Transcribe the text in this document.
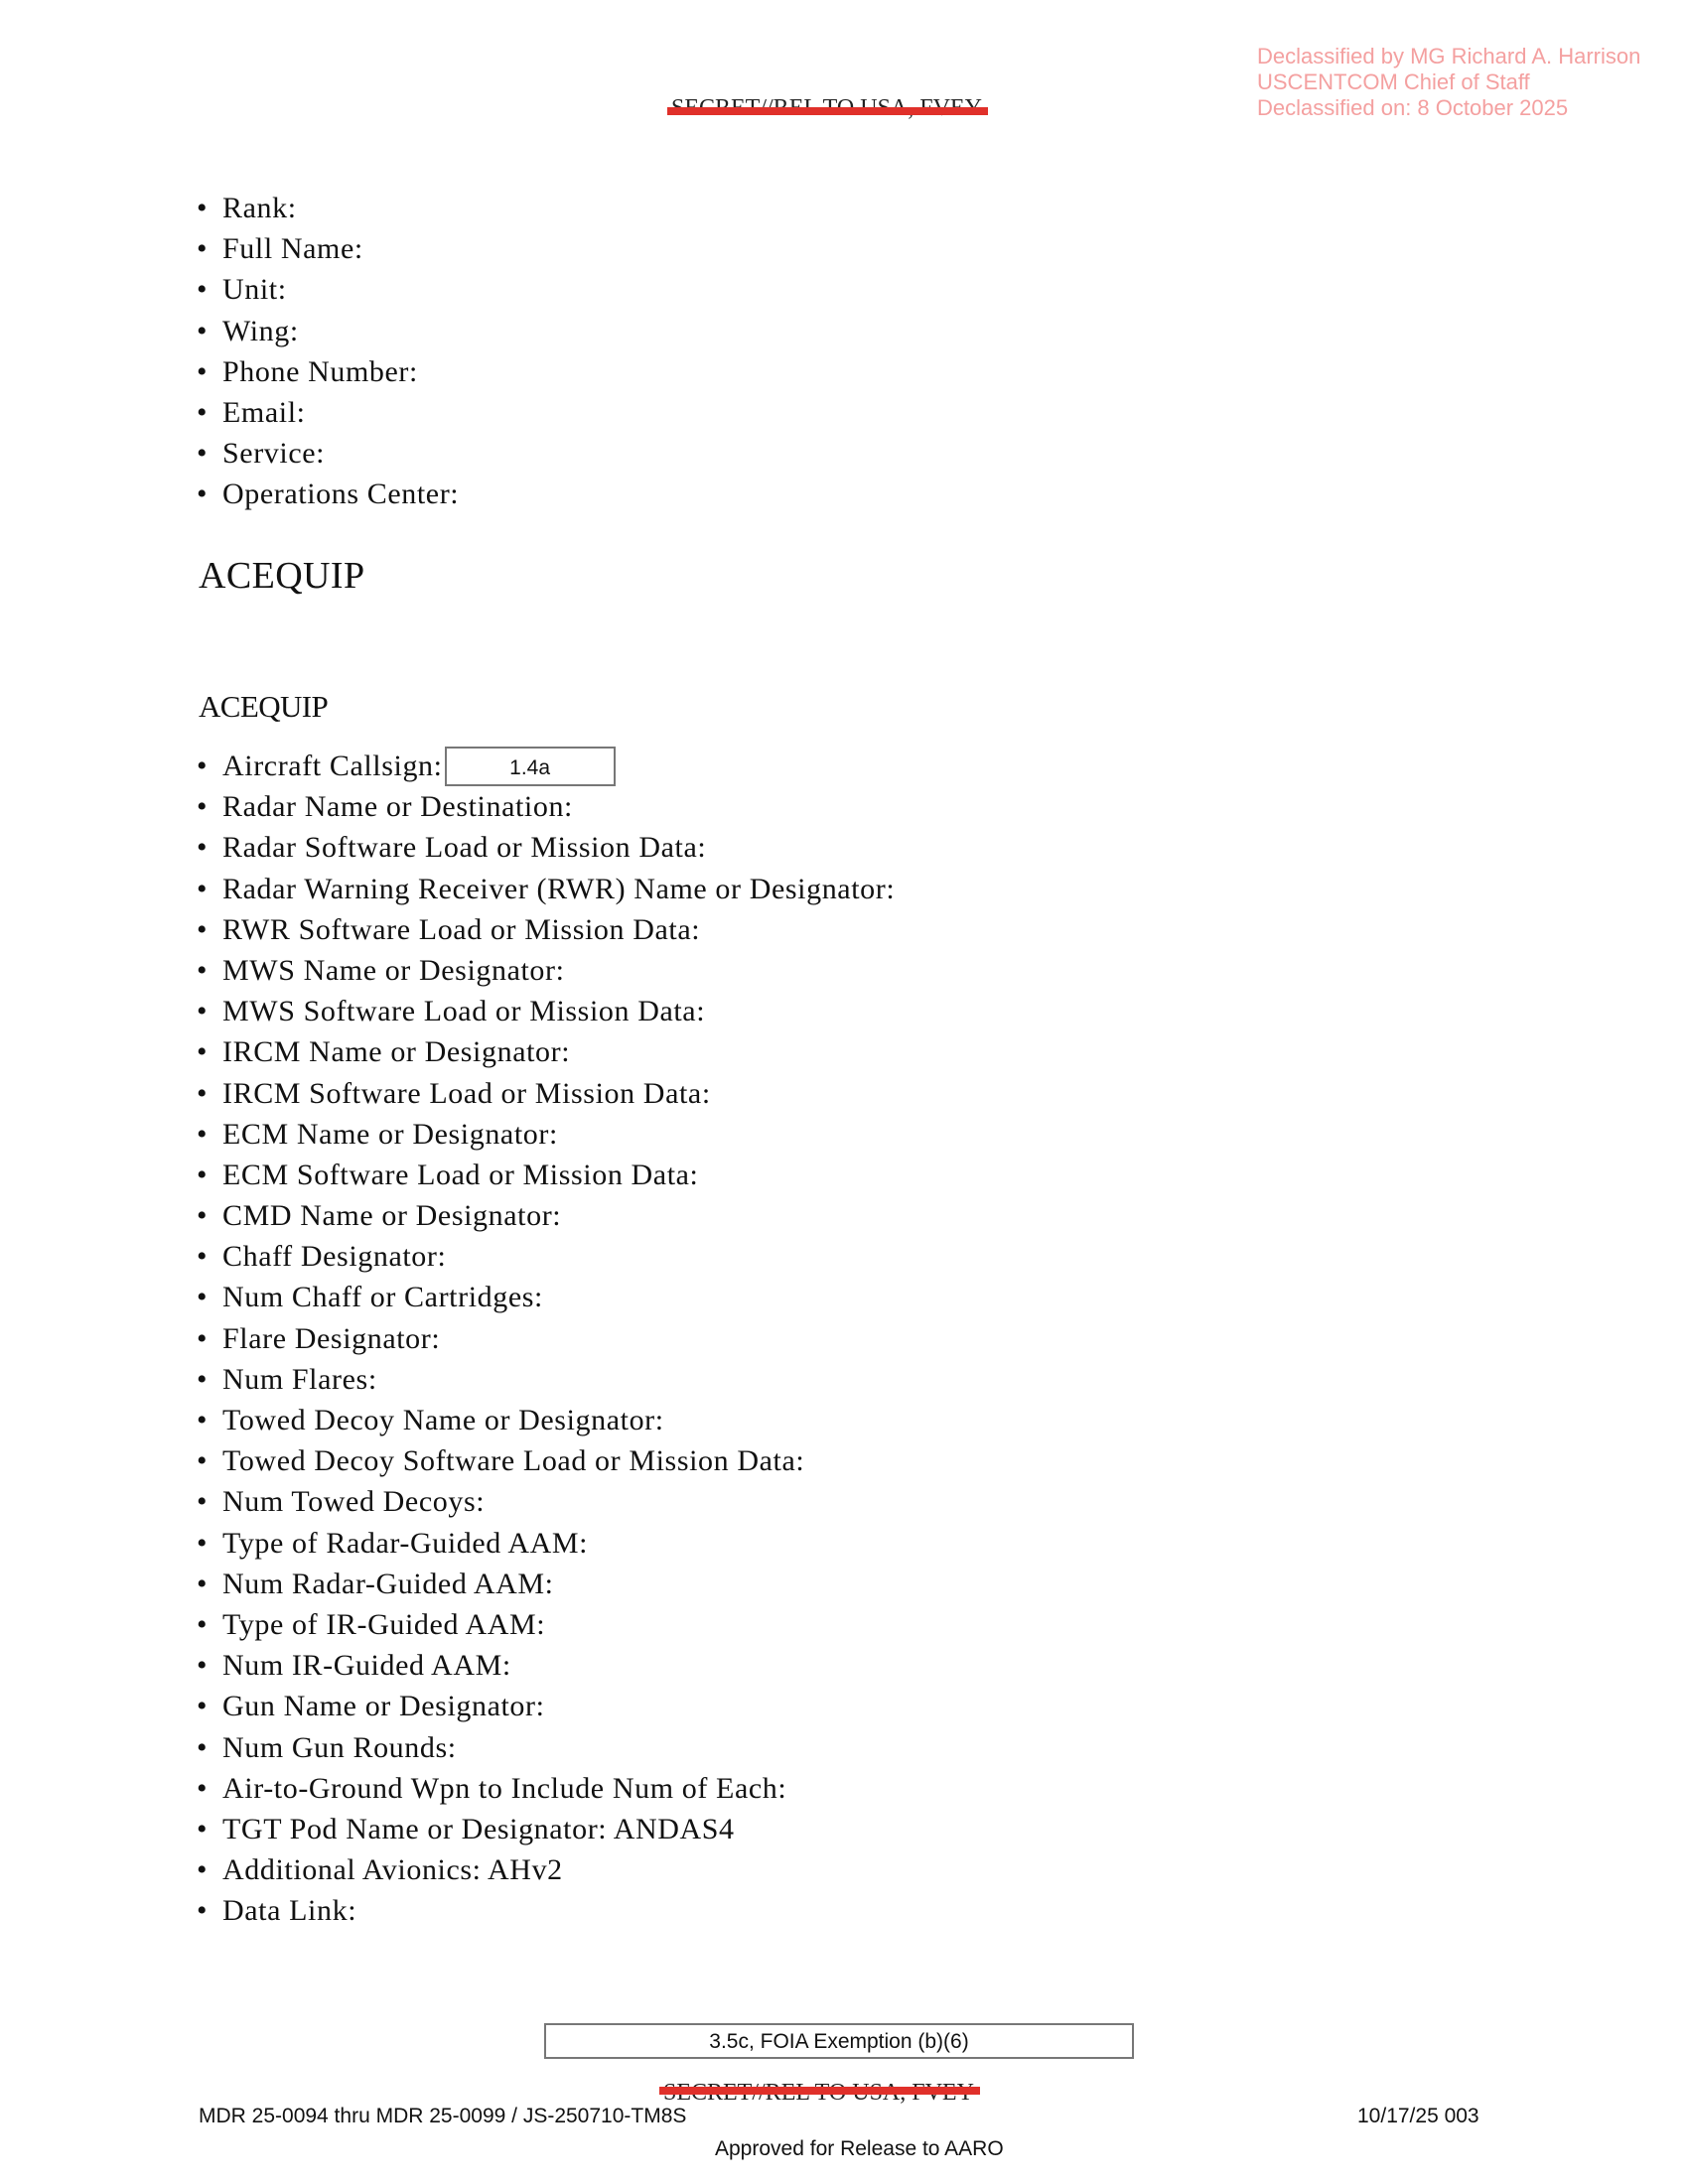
Declassified by MG Richard A. Harrison
USCENTCOM Chief of Staff
Declassified on: 8 October 2025
• Rank:
• Full Name:
• Unit:
• Wing:
• Phone Number:
• Email:
• Service:
• Operations Center:
ACEQUIP
ACEQUIP
• Aircraft Callsign:	1.4a
• Radar Name or Destination:
• Radar Software Load or Mission Data:
• Radar Warning Receiver (RWR) Name or Designator:
• RWR Software Load or Mission Data:
• MWS Name or Designator:
• MWS Software Load or Mission Data:
• IRCM Name or Designator:
• IRCM Software Load or Mission Data:
• ECM Name or Designator:
• ECM Software Load or Mission Data:
• CMD Name or Designator:
• Chaff Designator:
• Num Chaff or Cartridges:
• Flare Designator:
• Num Flares:
• Towed Decoy Name or Designator:
• Towed Decoy Software Load or Mission Data:
• Num Towed Decoys:
• Type of Radar-Guided AAM:
• Num Radar-Guided AAM:
• Type of IR-Guided AAM:
• Num IR-Guided AAM:
• Gun Name or Designator:
• Num Gun Rounds:
• Air-to-Ground Wpn to Include Num of Each:
• TGT Pod Name or Designator: ANDAS4
• Additional Avionics: AHv2
• Data Link:
3.5c, FOIA Exemption (b)(6)
MDR 25-0094 thru MDR 25-0099 / JS-250710-TM8S	10/17/25 003
Approved for Release to AARO
